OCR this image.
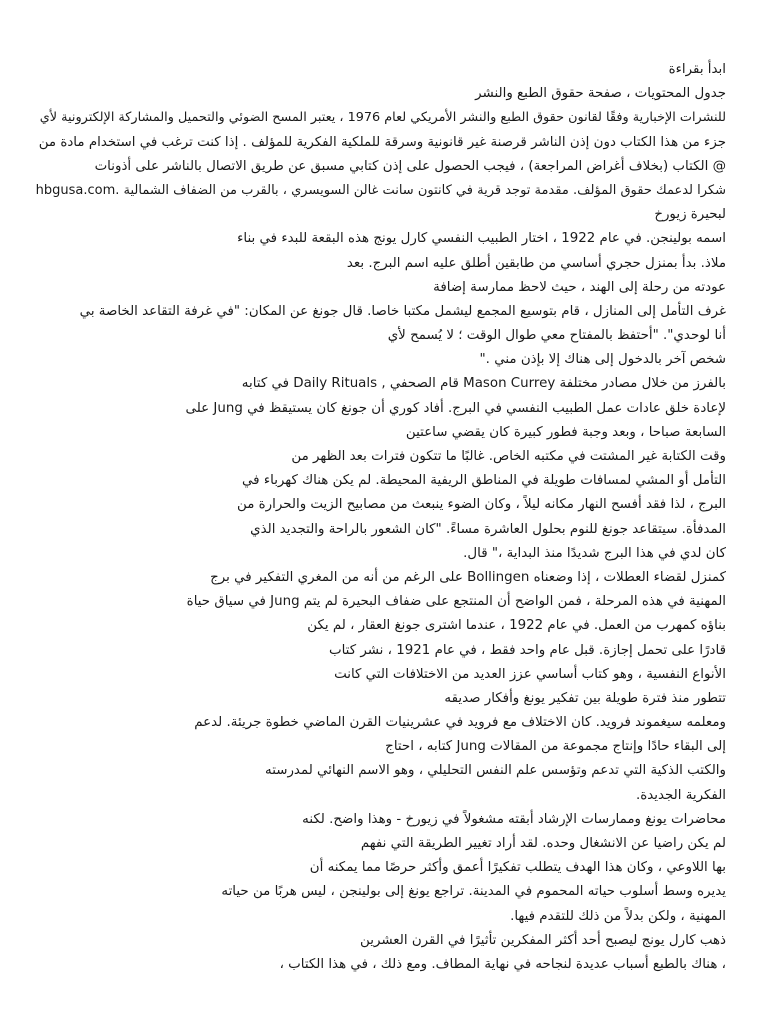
ابدأ بقراءة
جدول المحتويات ، صفحة حقوق الطبع والنشر
للنشرات الإخبارية وفقًا لقانون حقوق الطبع والنشر الأمريكي لعام 1976 ، يعتبر المسح الضوئي والتحميل والمشاركة الإلكترونية لأي
جزء من هذا الكتاب دون إذن الناشر قرصنة غير قانونية وسرقة للملكية الفكرية للمؤلف . إذا كنت ترغب في استخدام مادة من
@ الكتاب (بخلاف أغراض المراجعة) ، فيجب الحصول على إذن كتابي مسبق عن طريق الاتصال بالناشر على أذونات
شكرا لدعمك حقوق المؤلف. مقدمة توجد قرية في كانتون سانت غالن السويسري ، بالقرب من الضفاف الشمالية .hbgusa.com
لبحيرة زيورخ
اسمه بولينجن. في عام 1922 ، اختار الطبيب النفسي كارل يونج هذه البقعة للبدء في بناء
ملاذ. بدأ بمنزل حجري أساسي من طابقين أطلق عليه اسم البرج. بعد
عودته من رحلة إلى الهند ، حيث لاحظ ممارسة إضافة
غرف التأمل إلى المنازل ، قام بتوسيع المجمع ليشمل مكتبا خاصا. قال جونغ عن المكان: "في غرفة التقاعد الخاصة بي
أنا لوحدي". "أحتفظ بالمفتاح معي طوال الوقت ؛ لا يُسمح لأي
شخص آخر بالدخول إلى هناك إلا بإذن مني ."
بالفرز من خلال مصادر مختلفة Mason Currey قام الصحفي , Daily Rituals في كتابه
لإعادة خلق عادات عمل الطبيب النفسي في البرج. أفاد كوري أن جونغ كان يستيقظ في Jung على
السابعة صباحا ، وبعد وجبة فطور كبيرة كان يقضي ساعتين
وقت الكتابة غير المشتت في مكتبه الخاص. غالبًا ما تتكون فترات بعد الظهر من
التأمل أو المشي لمسافات طويلة في المناطق الريفية المحيطة. لم يكن هناك كهرباء في
البرج ، لذا فقد أفسح النهار مكانه ليلاً ، وكان الضوء ينبعث من مصابيح الزيت والحرارة من
المدفأة. سيتقاعد جونغ للنوم بحلول العاشرة مساءً. "كان الشعور بالراحة والتجديد الذي
كان لدي في هذا البرج شديدًا منذ البداية ،" قال.
كمنزل لقضاء العطلات ، إذا وضعناه Bollingen على الرغم من أنه من المغري التفكير في برج
المهنية في هذه المرحلة ، فمن الواضح أن المنتجع على ضفاف البحيرة لم يتم Jung في سياق حياة
بناؤه كمهرب من العمل. في عام 1922 ، عندما اشترى جونغ العقار ، لم يكن
قادرًا على تحمل إجازة. قبل عام واحد فقط ، في عام 1921 ، نشر كتاب
الأنواع النفسية ، وهو كتاب أساسي عزز العديد من الاختلافات التي كانت
تتطور منذ فترة طويلة بين تفكير يونغ وأفكار صديقه
ومعلمه سيغموند فرويد. كان الاختلاف مع فرويد في عشرينيات القرن الماضي خطوة جريئة. لدعم
إلى البقاء حادًا وإنتاج مجموعة من المقالات Jung كتابه ، احتاج
والكتب الذكية التي تدعم وتؤسس علم النفس التحليلي ، وهو الاسم النهائي لمدرسته
الفكرية الجديدة.
محاضرات يونغ وممارسات الإرشاد أبقته مشغولاً في زيورخ - وهذا واضح. لكنه
لم يكن راضيا عن الانشغال وحده. لقد أراد تغيير الطريقة التي نفهم
بها اللاوعي ، وكان هذا الهدف يتطلب تفكيرًا أعمق وأكثر حرصًا مما يمكنه أن
يديره وسط أسلوب حياته المحموم في المدينة. تراجع يونغ إلى بولينجن ، ليس هربًا من حياته
المهنية ، ولكن بدلاً من ذلك للتقدم فيها.
ذهب كارل يونج ليصبح أحد أكثر المفكرين تأثيرًا في القرن العشرين
، هناك بالطبع أسباب عديدة لنجاحه في نهاية المطاف. ومع ذلك ، في هذا الكتاب ،
